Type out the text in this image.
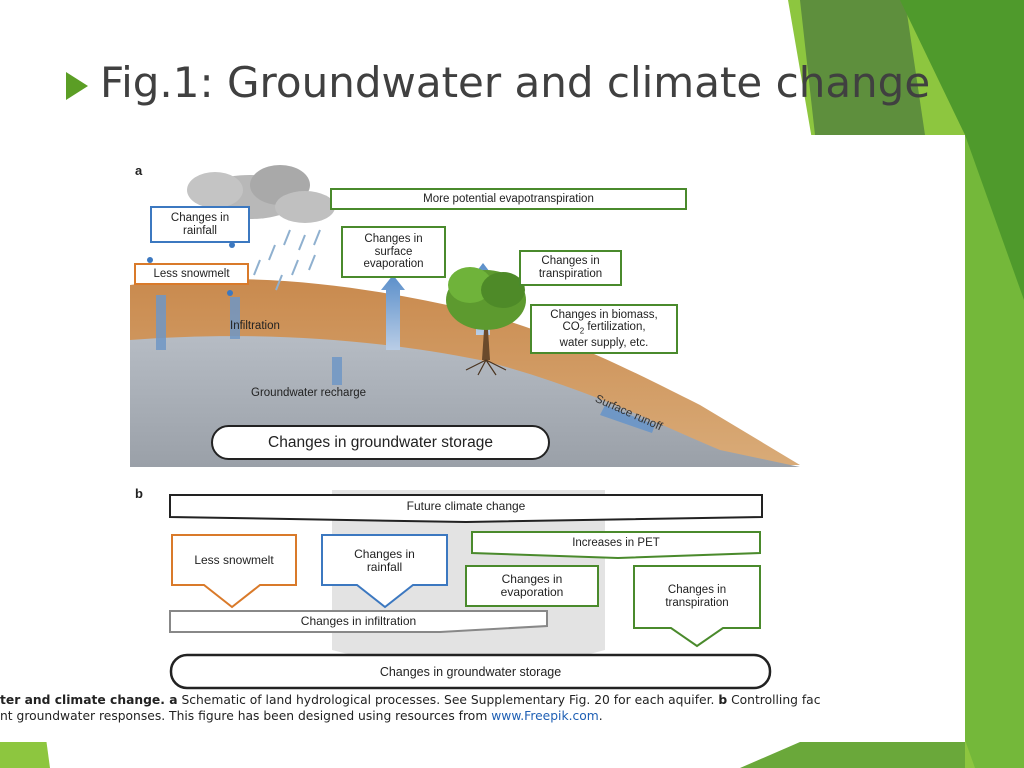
Fig.1: Groundwater and climate change
a
Changes in rainfall
Less snowmelt
More potential evapotranspiration
Changes in surface evaporation	Changes in transpiration
Changes in biomass,
$CO_2$ fertilization,
water supply, etc.
Infiltration
Groundwater recharge	Surface runoff
Changes in groundwater storage
b
Future climate change
Less snowmelt	Changes in rainfall
Increases in PET
Changes in evaporation	Changes in transpiration
Changes in infiltration
Changes in groundwater storage
ter and climate change. a Schematic of land hydrological processes. See Supplementary Fig. 20 for each aquifer. b Controlling fac
nt groundwater responses. This figure has been designed using resources from www.Freepik.com.
